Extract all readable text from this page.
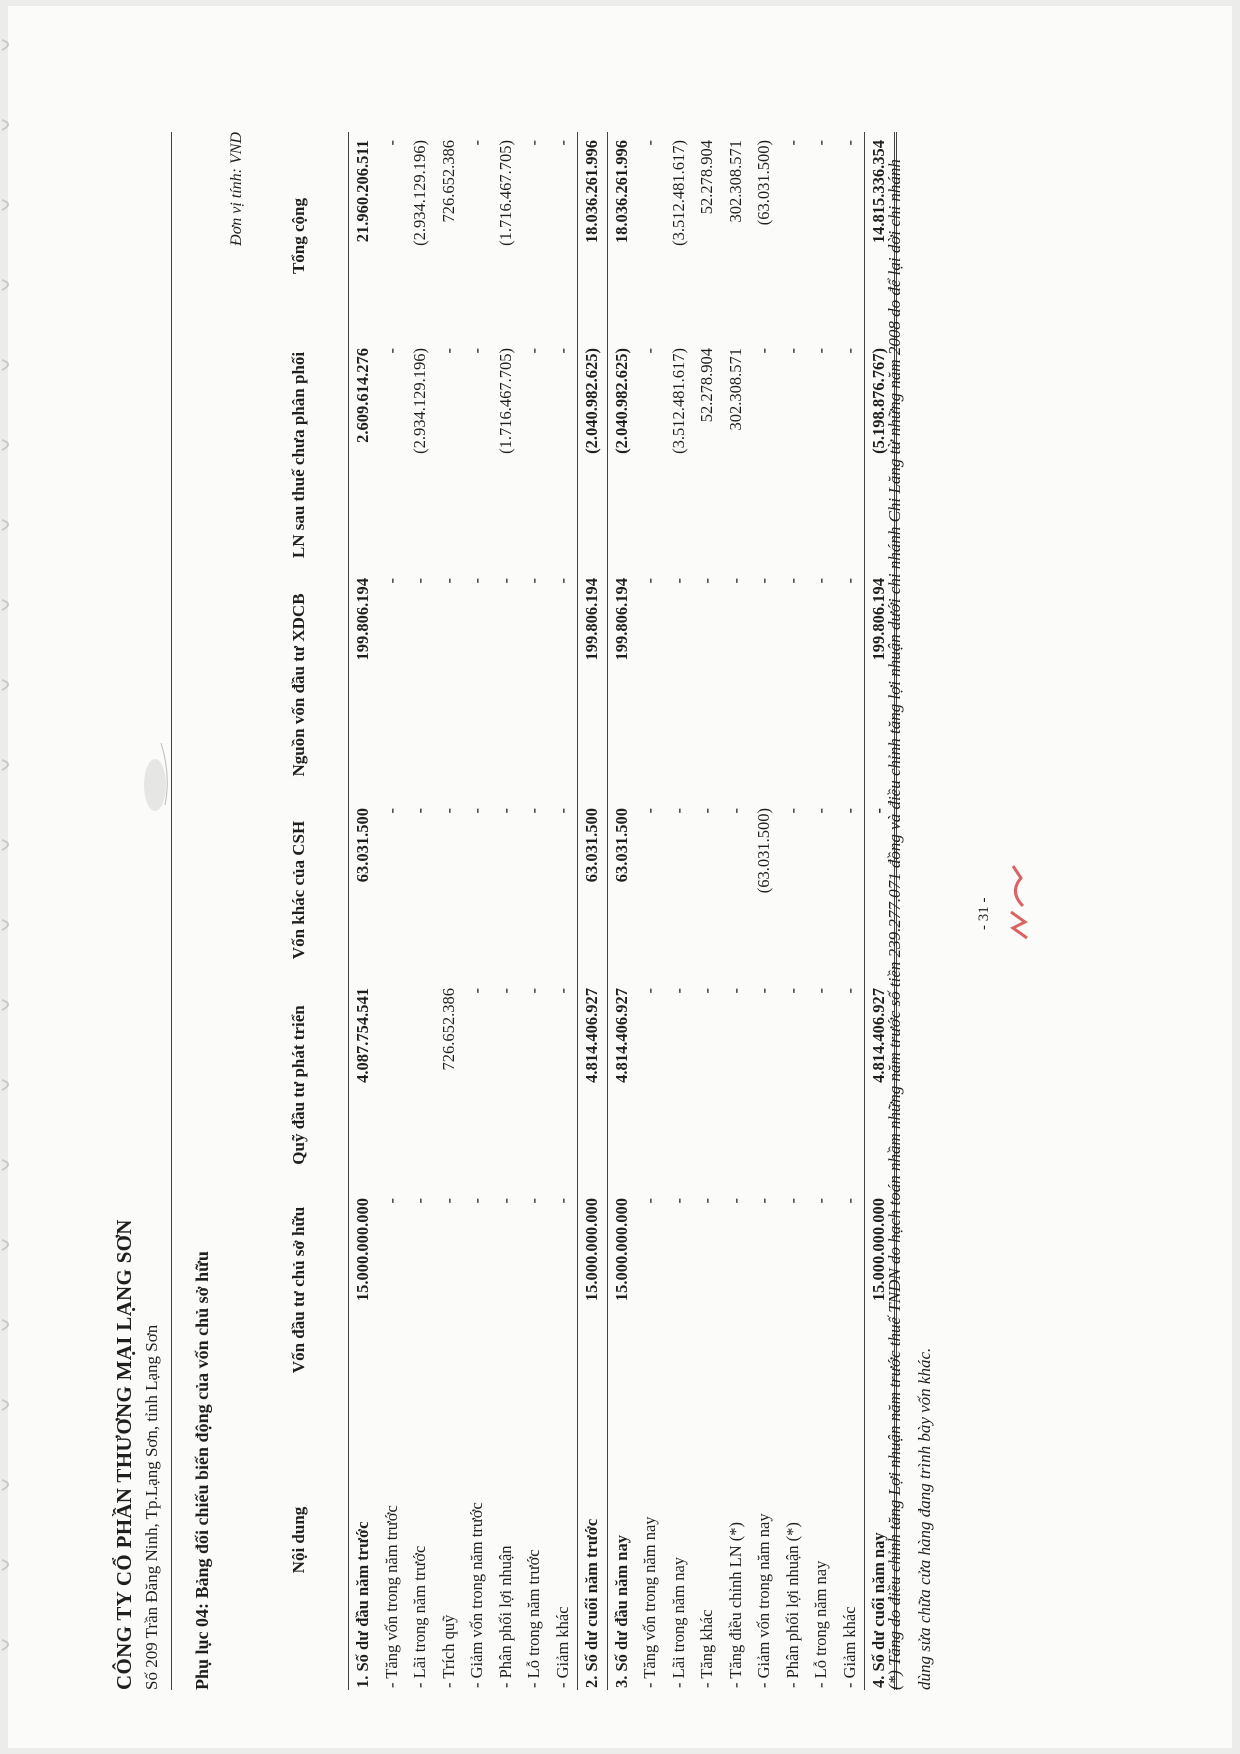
CÔNG TY CỔ PHẦN THƯƠNG MẠI LẠNG SƠN Số 209 Trần Đăng Ninh, Tp.Lạng Sơn, tỉnh Lạng Sơn Phụ lục 04: Bảng đối chiếu biến động của vốn chủ sở hữu
Đơn vị tính: VND
Nội dung	Vốn đầu tư chủ sở hữu	Quỹ đầu tư phát triển	Vốn khác của CSH	Nguồn vốn đầu tư XDCB	LN sau thuế chưa phân phối	Tổng cộng
1. Số dư đầu năm trước	15.000.000.000	4.087.754.541	63.031.500	199.806.194	2.609.614.276	21.960.206.511
- Tăng vốn trong năm trước	-		-	-	-	-
- Lãi trong năm trước	-		-	-	(2.934.129.196)	(2.934.129.196)
- Trích quỹ	-	726.652.386	-	-	-	726.652.386
- Giảm vốn trong năm trước	-	-	-	-	-	-
- Phân phối lợi nhuận	-	-	-	-	(1.716.467.705)	(1.716.467.705)
- Lỗ trong năm trước	-	-	-	-	-	-
- Giảm khác	-	-	-	-	-	-
2. Số dư cuối năm trước	15.000.000.000	4.814.406.927	63.031.500	199.806.194	(2.040.982.625)	18.036.261.996
3. Số dư đầu năm nay	15.000.000.000	4.814.406.927	63.031.500	199.806.194	(2.040.982.625)	18.036.261.996
- Tăng vốn trong năm nay	-	-	-	-	-	-
- Lãi trong năm nay	-	-	-	-	(3.512.481.617)	(3.512.481.617)
- Tăng khác	-	-	-	-	52.278.904	52.278.904
- Tăng điều chỉnh LN (*)	-	-	-	-	302.308.571	302.308.571
- Giảm vốn trong năm nay	-	-	(63.031.500)	-	-	(63.031.500)
- Phân phối lợi nhuận (*)	-	-	-	-	-	-
- Lỗ trong năm nay	-	-	-	-	-	-
- Giảm khác	-	-	-	-	-	-
4. Số dư cuối năm nay	15.000.000.000	4.814.406.927	-	199.806.194	(5.198.876.767)	14.815.336.354
(*) Tăng do điều chỉnh tăng Lợi nhuận năm trước thuế TNDN do hạch toán nhầm những năm trước số tiền 239.277.071 đồng và điều chỉnh tăng lợi nhuận dưới chi nhánh Chi Lăng từ những năm 2008 do để lại dời chi nhánh dùng sửa chữa cửa hàng đang trình bày vốn khác.
- 31 -
